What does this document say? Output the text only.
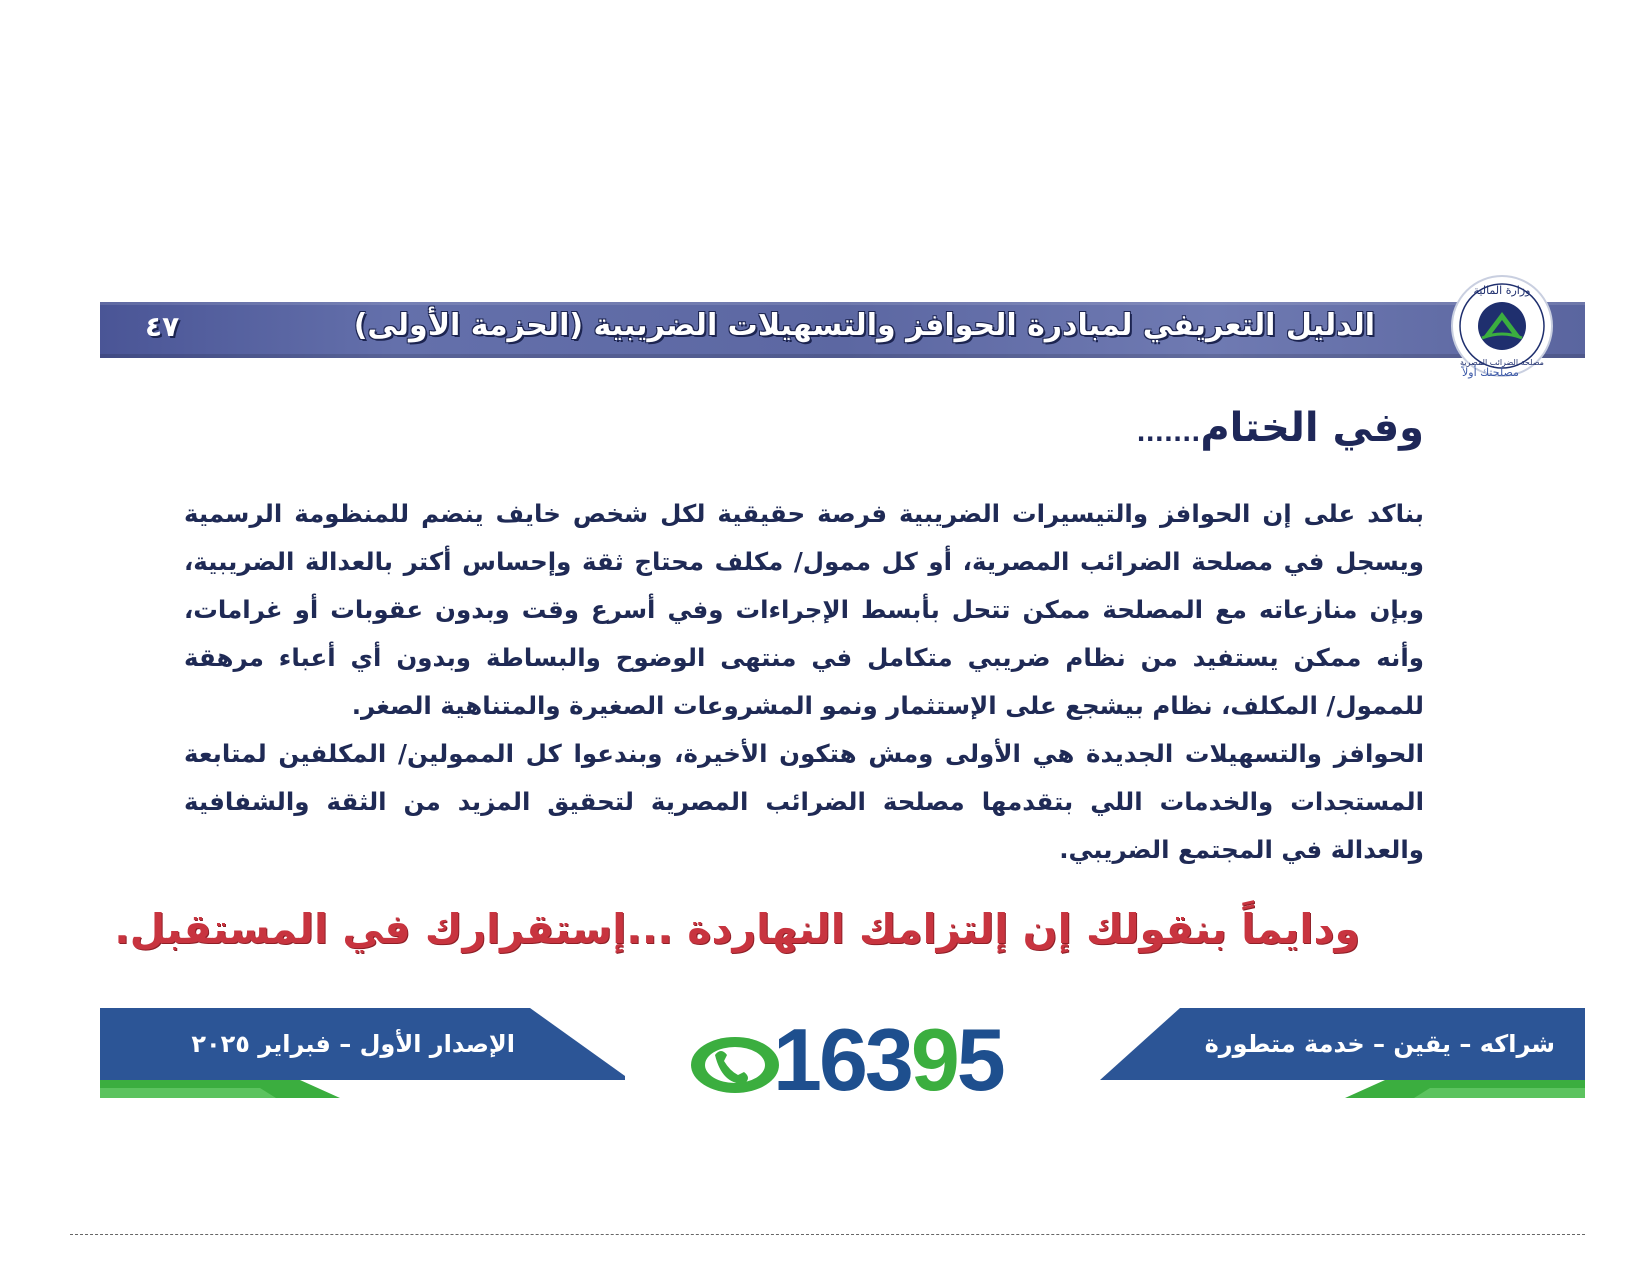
الدليل التعريفي لمبادرة الحوافز والتسهيلات الضريبية (الحزمة الأولى)
٤٧
وزارة المالية
مصلحة الضرائب المصرية
مصلحتك أولاً
وفي الختام.......

بناكد على إن الحوافز والتيسيرات الضريبية فرصة حقيقية لكل شخص خايف ينضم للمنظومة الرسمية ويسجل في مصلحة الضرائب المصرية، أو كل ممول/ مكلف محتاج ثقة وإحساس أكتر بالعدالة الضريبية، وبإن منازعاته مع المصلحة ممكن تتحل بأبسط الإجراءات وفي أسرع وقت وبدون عقوبات أو غرامات، وأنه ممكن يستفيد من نظام ضريبي متكامل في منتهى الوضوح والبساطة وبدون أي أعباء مرهقة للممول/ المكلف، نظام بيشجع على الإستثمار ونمو المشروعات الصغيرة والمتناهية الصغر.

الحوافز والتسهيلات الجديدة هي الأولى ومش هتكون الأخيرة، وبندعوا كل الممولين/ المكلفين لمتابعة المستجدات والخدمات اللي بتقدمها مصلحة الضرائب المصرية لتحقيق المزيد من الثقة والشفافية والعدالة في المجتمع الضريبي.

ودايماً بنقولك إن إلتزامك النهاردة ...إستقرارك في المستقبل.
الإصدار الأول – فبراير ٢٠٢٥	16395	شراكه – يقين – خدمة متطورة
